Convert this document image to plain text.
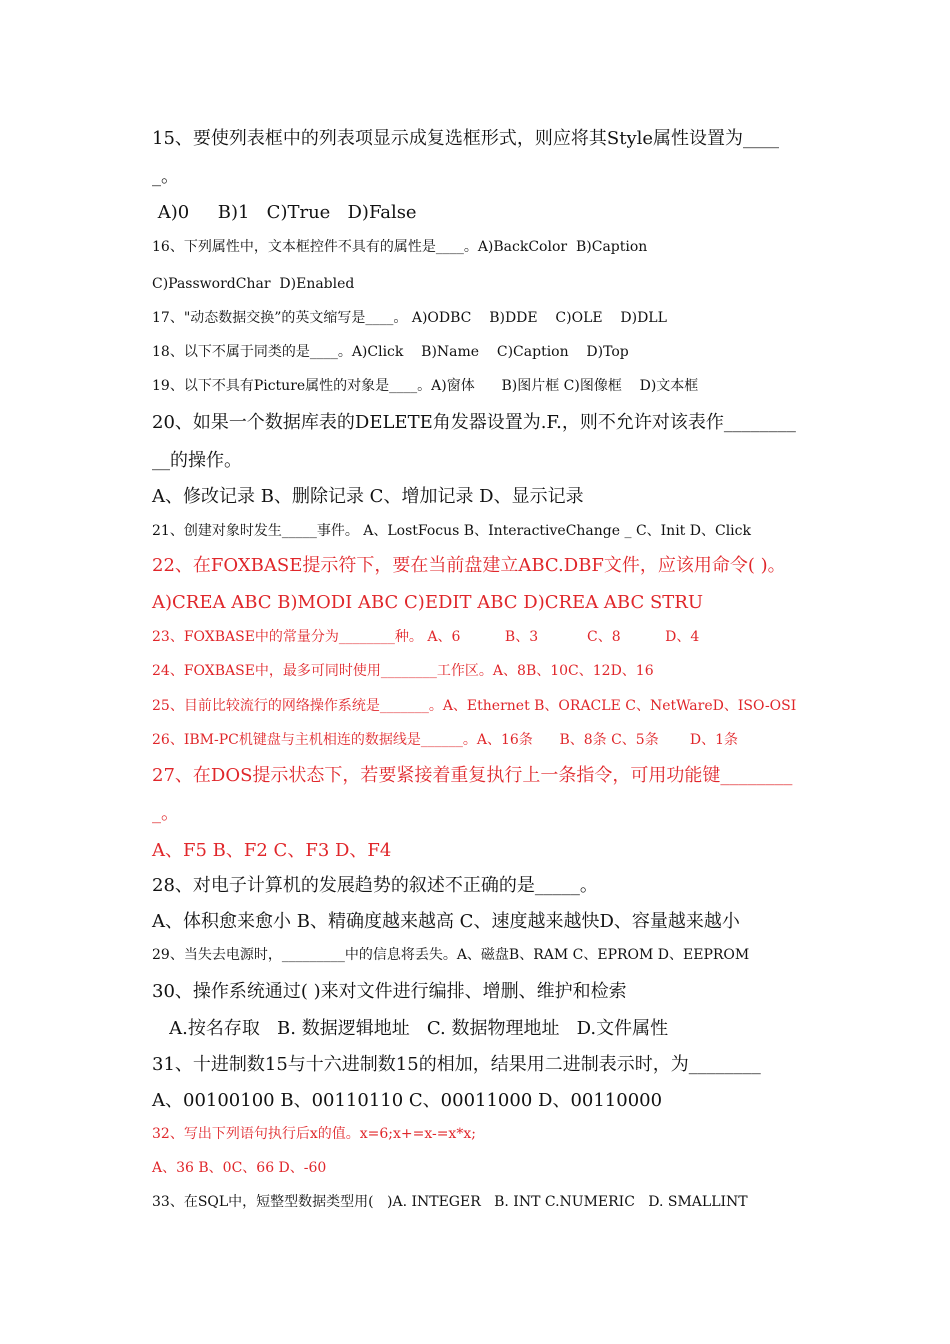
15、要使列表框中的列表项显示成复选框形式，则应将其Style属性设置为____
_。
A)0     B)1   C)True   D)False
16、下列属性中，文本框控件不具有的属性是____。A)BackColor  B)Caption
C)PasswordChar  D)Enabled
17、"动态数据交换”的英文缩写是____。 A)ODBC    B)DDE    C)OLE    D)DLL
18、以下不属于同类的是____。A)Click    B)Name    C)Caption    D)Top
19、以下不具有Picture属性的对象是____。A)窗体      B)图片框 C)图像框    D)文本框
20、如果一个数据库表的DELETE角发器设置为.F.，则不允许对该表作________
__的操作。
A、修改记录 B、删除记录 C、增加记录 D、显示记录
21、创建对象时发生_____事件。 A、LostFocus B、InteractiveChange _ C、Init D、Click
22、在FOXBASE提示符下，要在当前盘建立ABC.DBF文件，应该用命令( )。
A)CREA ABC B)MODI ABC C)EDIT ABC D)CREA ABC STRU
23、FOXBASE中的常量分为________种。 A、6          B、3           C、8          D、4
24、FOXBASE中，最多可同时使用________工作区。A、8B、10C、12D、16
25、目前比较流行的网络操作系统是_______。A、Ethernet B、ORACLE C、NetWareD、ISO-OSI
26、IBM-PC机键盘与主机相连的数据线是______。A、16条      B、8条 C、5条       D、1条
27、在DOS提示状态下，若要紧接着重复执行上一条指令，可用功能键________
_。
A、F5 B、F2 C、F3 D、F4
28、对电子计算机的发展趋势的叙述不正确的是_____。
A、体积愈来愈小 B、精确度越来越高 C、速度越来越快D、容量越来越小
29、当失去电源时，_________中的信息将丢失。A、磁盘B、RAM C、EPROM D、EEPROM
30、操作系统通过( )来对文件进行编排、增删、维护和检索
A.按名存取   B. 数据逻辑地址   C. 数据物理地址   D.文件属性
31、十进制数15与十六进制数15的相加，结果用二进制表示时，为________
A、00100100 B、00110110 C、00011000 D、00110000
32、写出下列语句执行后x的值。x=6;x+=x-=x*x;
A、36 B、0C、66 D、-60
33、在SQL中，短整型数据类型用(   )A. INTEGER   B. INT C.NUMERIC   D. SMALLINT
